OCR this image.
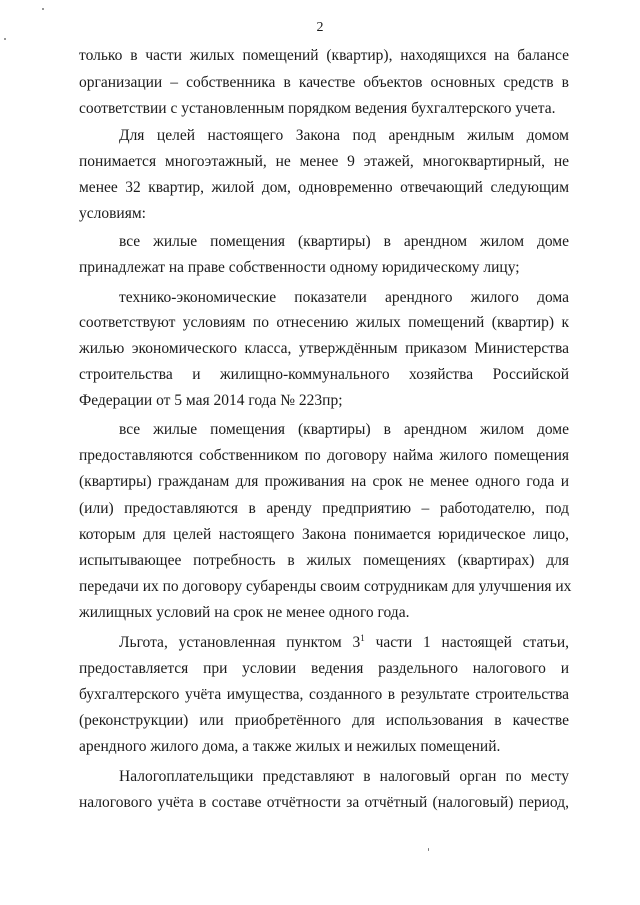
2
только в части жилых помещений (квартир), находящихся на балансе
организации – собственника в качестве объектов основных средств в
соответствии с установленным порядком ведения бухгалтерского учета.
Для целей настоящего Закона под арендным жилым домом
понимается многоэтажный, не менее 9 этажей, многоквартирный, не
менее 32 квартир, жилой дом, одновременно отвечающий следующим
условиям:
все жилые помещения (квартиры) в арендном жилом доме
принадлежат на праве собственности одному юридическому лицу;
технико-экономические показатели арендного жилого дома
соответствуют условиям по отнесению жилых помещений (квартир) к
жилью экономического класса, утверждённым приказом Министерства
строительства и жилищно-коммунального хозяйства Российской
Федерации от 5 мая 2014 года № 223пр;
все жилые помещения (квартиры) в арендном жилом доме
предоставляются собственником по договору найма жилого помещения
(квартиры) гражданам для проживания на срок не менее одного года и
(или) предоставляются в аренду предприятию – работодателю, под
которым для целей настоящего Закона понимается юридическое лицо,
испытывающее потребность в жилых помещениях (квартирах) для
передачи их по договору субаренды своим сотрудникам для улучшения их
жилищных условий на срок не менее одного года.
Льгота, установленная пунктом $3^1$ части 1 настоящей статьи,
предоставляется при условии ведения раздельного налогового и
бухгалтерского учёта имущества, созданного в результате строительства
(реконструкции) или приобретённого для использования в качестве
арендного жилого дома, а также жилых и нежилых помещений.
Налогоплательщики представляют в налоговый орган по месту
налогового учёта в составе отчётности за отчётный (налоговый) период,
